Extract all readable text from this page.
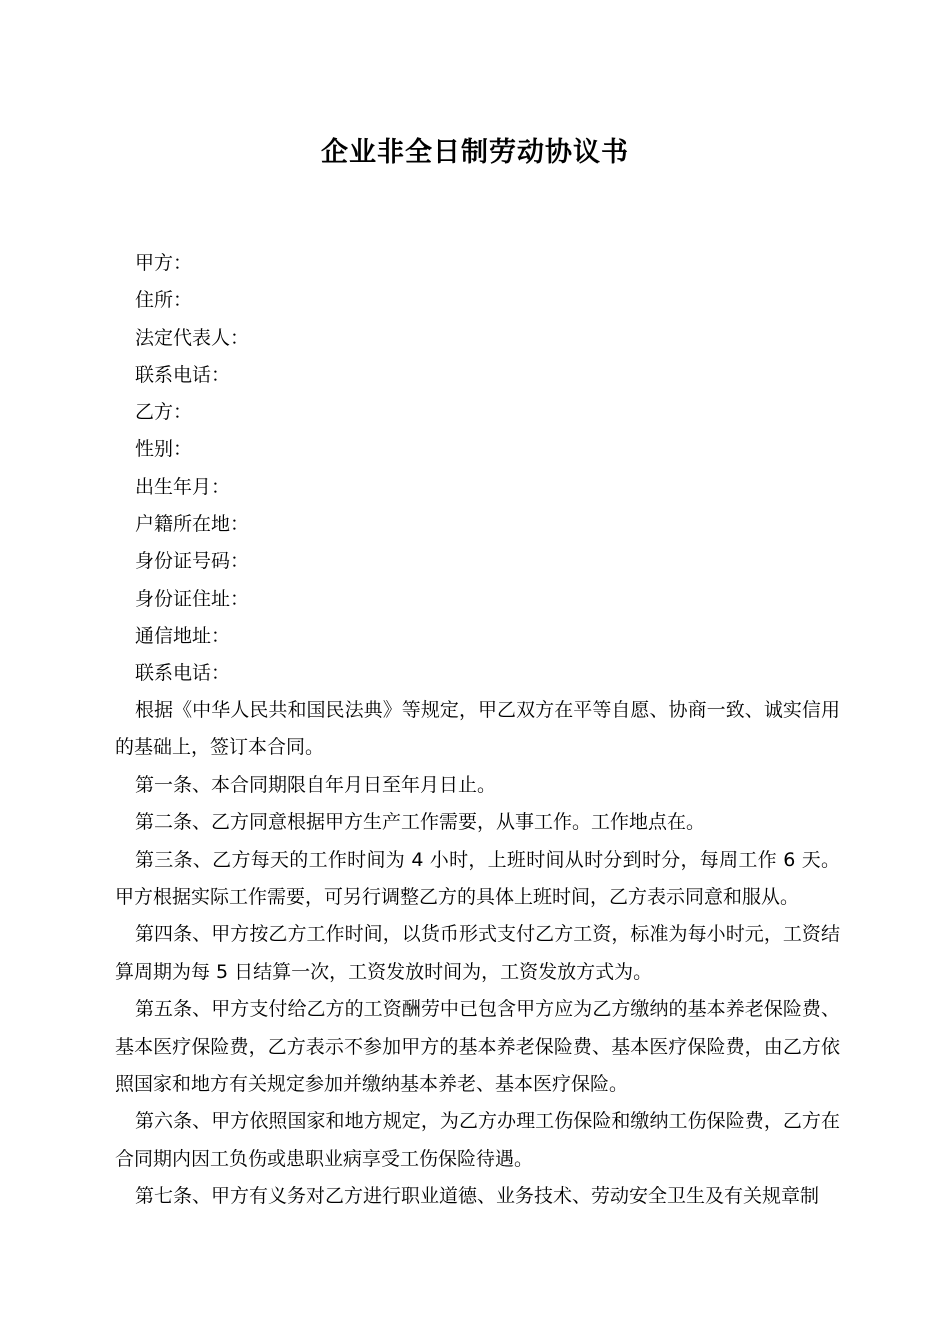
企业非全日制劳动协议书
甲方：
住所：
法定代表人：
联系电话：
乙方：
性别：
出生年月：
户籍所在地：
身份证号码：
身份证住址：
通信地址：
联系电话：

根据《中华人民共和国民法典》等规定，甲乙双方在平等自愿、协商一致、诚实信用的基础上，签订本合同。

第一条、本合同期限自年月日至年月日止。

第二条、乙方同意根据甲方生产工作需要，从事工作。工作地点在。

第三条、乙方每天的工作时间为 4 小时，上班时间从时分到时分，每周工作 6 天。甲方根据实际工作需要，可另行调整乙方的具体上班时间，乙方表示同意和服从。

第四条、甲方按乙方工作时间，以货币形式支付乙方工资，标准为每小时元，工资结算周期为每 5 日结算一次，工资发放时间为，工资发放方式为。

第五条、甲方支付给乙方的工资酬劳中已包含甲方应为乙方缴纳的基本养老保险费、基本医疗保险费，乙方表示不参加甲方的基本养老保险费、基本医疗保险费，由乙方依照国家和地方有关规定参加并缴纳基本养老、基本医疗保险。

第六条、甲方依照国家和地方规定，为乙方办理工伤保险和缴纳工伤保险费，乙方在合同期内因工负伤或患职业病享受工伤保险待遇。

第七条、甲方有义务对乙方进行职业道德、业务技术、劳动安全卫生及有关规章制
